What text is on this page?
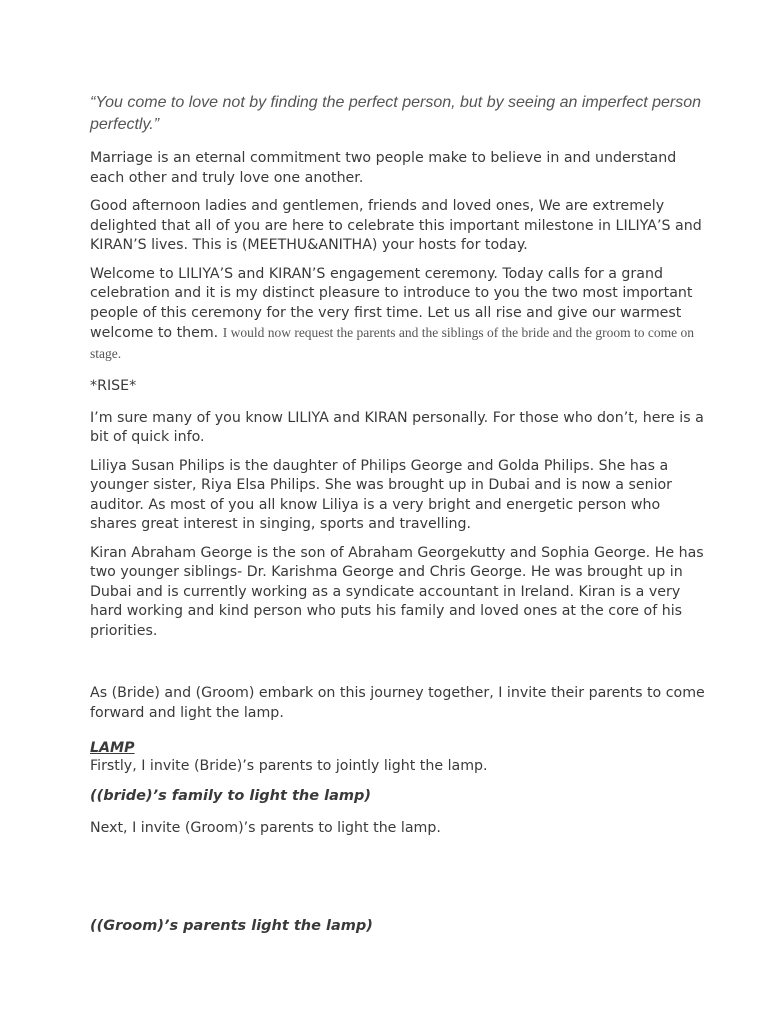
“You come to love not by finding the perfect person, but by seeing an imperfect person perfectly.”

Marriage is an eternal commitment two people make to believe in and understand each other and truly love one another.

Good afternoon ladies and gentlemen, friends and loved ones, We are extremely delighted that all of you are here to celebrate this important milestone in LILIYA’S and KIRAN’S lives. This is (MEETHU&ANITHA) your hosts for today.

Welcome to LILIYA’S and KIRAN’S engagement ceremony. Today calls for a grand celebration and it is my distinct pleasure to introduce to you the two most important people of this ceremony for the very first time. Let us all rise and give our warmest welcome to them. I would now request the parents and the siblings of the bride and the groom to come on stage.

*RISE*

I’m sure many of you know LILIYA and KIRAN personally. For those who don’t, here is a bit of quick info.

Liliya Susan Philips is the daughter of Philips George and Golda Philips. She has a younger sister, Riya Elsa Philips. She was brought up in Dubai and is now a senior auditor. As most of you all know Liliya is a very bright and energetic person who shares great interest in singing, sports and travelling.

Kiran Abraham George is the son of Abraham Georgekutty and Sophia George. He has two younger siblings- Dr. Karishma George and Chris George. He was brought up in Dubai and is currently working as a syndicate accountant in Ireland. Kiran is a very hard working and kind person who puts his family and loved ones at the core of his priorities.

As (Bride) and (Groom) embark on this journey together, I invite their parents to come forward and light the lamp.

LAMP

Firstly, I invite (Bride)’s parents to jointly light the lamp.

((bride)’s family to light the lamp)

Next, I invite (Groom)’s parents to light the lamp.

((Groom)’s parents light the lamp)
